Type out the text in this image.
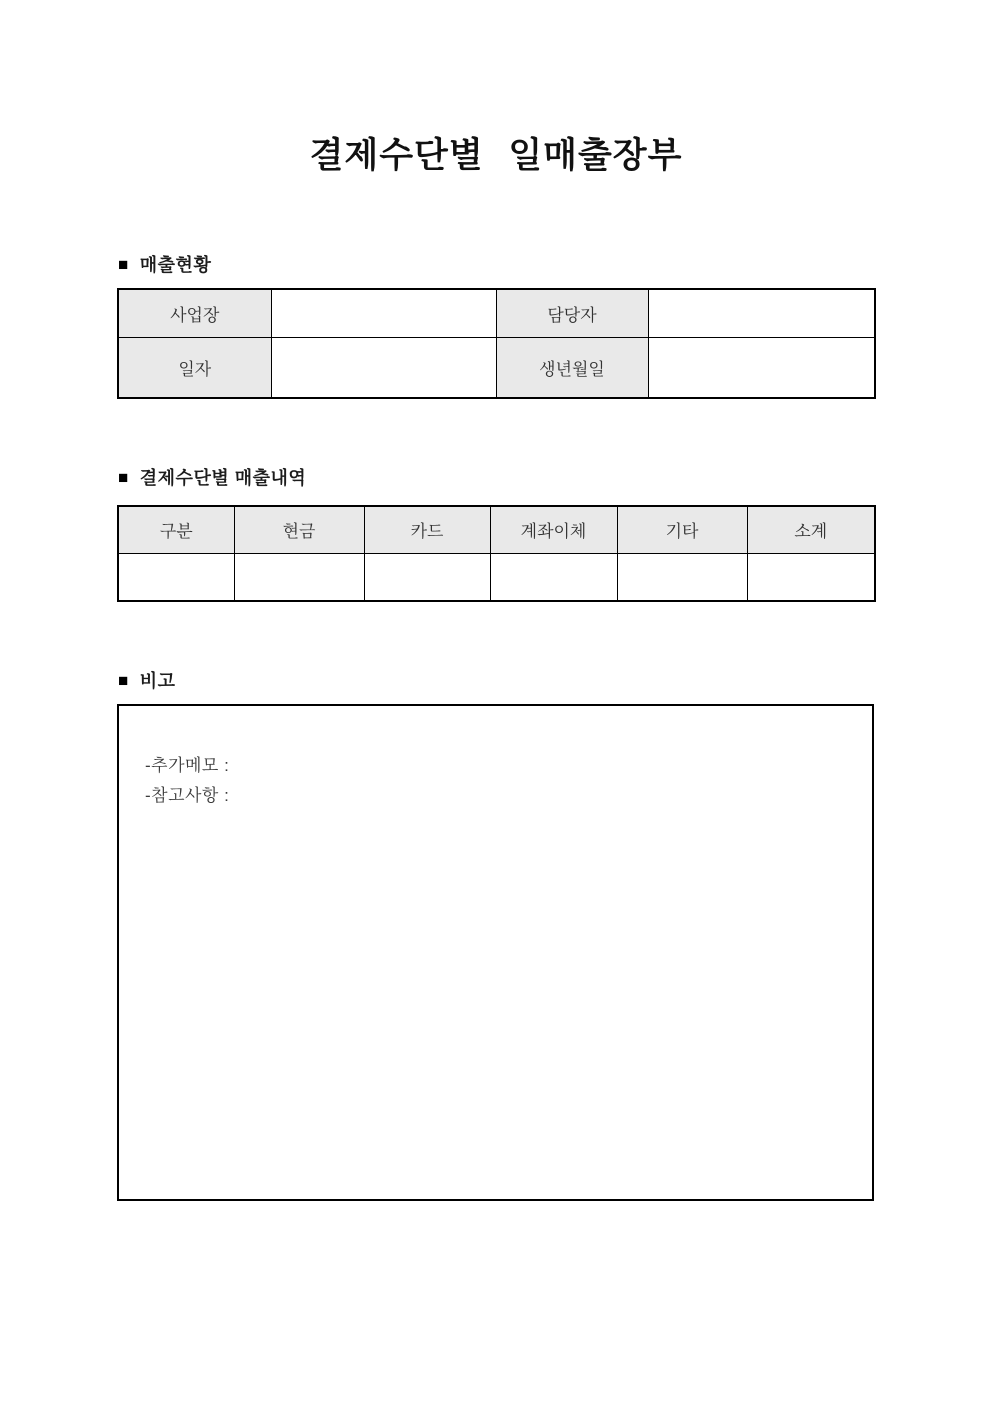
결제수단별 일매출장부
■ 매출현황
사업장		담당자	
일자		생년월일	
■ 결제수단별 매출내역
구분	현금	카드	계좌이체	기타	소계

■ 비고
-추가메모 :
-참고사항 :
